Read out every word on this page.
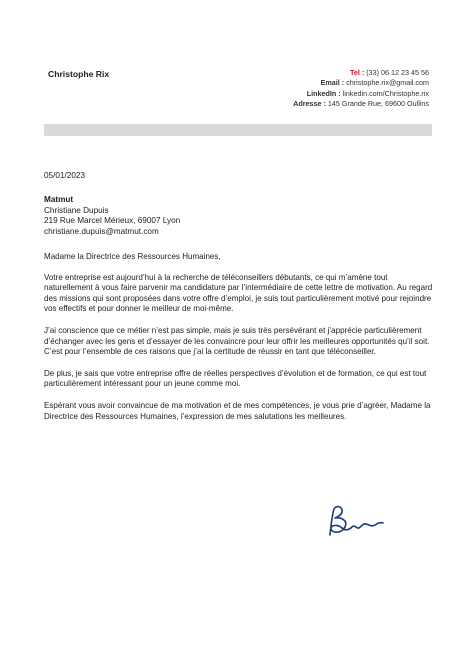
Christophe Rix	Tel : (33) 06 12 23 45 56
Email : christophe.rix@gmail.com
LinkedIn : linkedin.com/Christophe.rix
Adresse : 145 Grande Rue, 69600 Oullins
05/01/2023
Matmut
Christiane Dupuis
219 Rue Marcel Mérieux, 69007 Lyon
christiane.dupuis@matmut.com

Madame la Directrice des Ressources Humaines,

Votre entreprise est aujourd’hui à la recherche de téléconseillers débutants, ce qui m’amène tout naturellement à vous faire parvenir ma candidature par l’intermédiaire de cette lettre de motivation. Au regard des missions qui sont proposées dans votre offre d’emploi, je suis tout particulièrement motivé pour rejoindre vos effectifs et pour donner le meilleur de moi-même.

J’ai conscience que ce métier n’est pas simple, mais je suis très persévérant et j’apprécie particulièrement d’échanger avec les gens et d’essayer de les convaincre pour leur offrir les meilleures opportunités qu’il soit. C’est pour l’ensemble de ces raisons que j’ai la certitude de réussir en tant que téléconseiller.

De plus, je sais que votre entreprise offre de réelles perspectives d’évolution et de formation, ce qui est tout particulièrement intéressant pour un jeune comme moi.

Espérant vous avoir convaincue de ma motivation et de mes compétences, je vous prie d’agréer, Madame la Directrice des Ressources Humaines, l’expression de mes salutations les meilleures.
